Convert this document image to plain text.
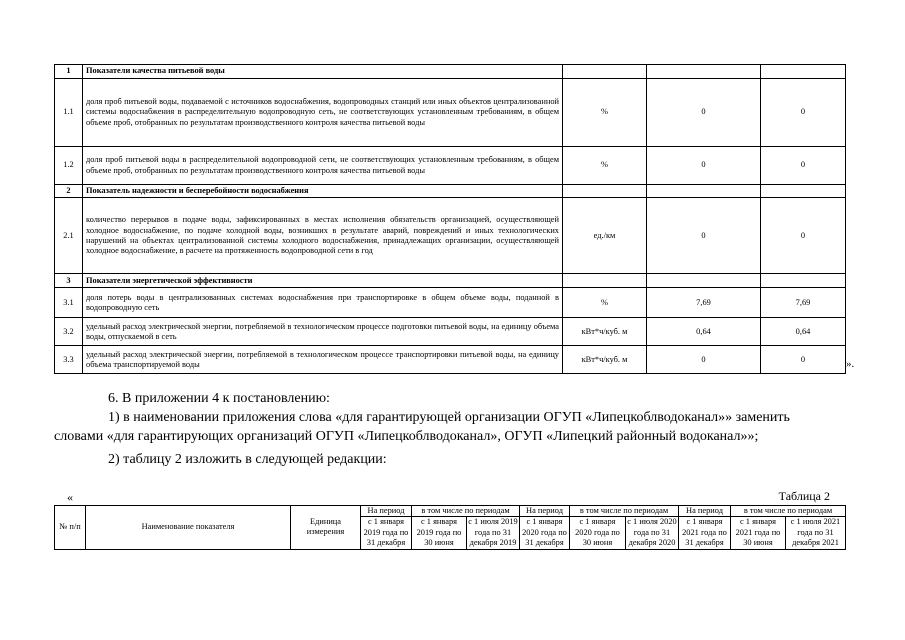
1	Показатели качества питьевой воды			
1.1	доля проб питьевой воды, подаваемой с источников водоснабжения, водопроводных станций или иных объектов централизованной системы водоснабжения в распределительную водопроводную сеть, не соответствующих установленным требованиям, в общем объеме проб, отобранных по результатам производственного контроля качества питьевой воды	%	0	0
1.2	доля проб питьевой воды в распределительной водопроводной сети, не соответствующих установленным требованиям, в общем объеме проб, отобранных по результатам производственного контроля качества питьевой воды	%	0	0
2	Показатель надежности и бесперебойности водоснабжения			
2.1	количество перерывов в подаче воды, зафиксированных в местах исполнения обязательств организацией, осуществляющей холодное водоснабжение, по подаче холодной воды, возникших в результате аварий, повреждений и иных технологических нарушений на объектах централизованной системы холодного водоснабжения, принадлежащих организации, осуществляющей холодное водоснабжение, в расчете на протяженность водопроводной сети в год	ед./км	0	0
3	Показатели энергетической эффективности			
3.1	доля потерь воды в централизованных системах водоснабжения при транспортировке в общем объеме воды, поданной в водопроводную сеть	%	7,69	7,69
3.2	удельный расход электрической энергии, потребляемой в технологическом процессе подготовки питьевой воды, на единицу объема воды, отпускаемой в сеть	кВт*ч/куб. м	0,64	0,64
3.3	удельный расход электрической энергии, потребляемой в технологическом процессе транспортировки питьевой воды, на единицу объема транспортируемой воды	кВт*ч/куб. м	0	0	».

6. В приложении 4 к постановлению:

1) в наименовании приложения слова «для гарантирующей организации ОГУП «Липецкоблводоканал»» заменить

словами «для гарантирующих организаций ОГУП «Липецкоблводоканал», ОГУП «Липецкий районный водоканал»»;

2) таблицу 2 изложить в следующей редакции:

«	Таблица 2
№ п/п	Наименование показателя	Единица измерения	На период	в том числе по периодам		На период	в том числе по периодам		На период	в том числе по периодам	
			с 1 января 2019 года по 31 декабря	с 1 января 2019 года по 30 июня	с 1 июля 2019 года по 31 декабря 2019	с 1 января 2020 года по 31 декабря	с 1 января 2020 года по 30 июня	с 1 июля 2020 года по 31 декабря 2020	с 1 января 2021 года по 31 декабря	с 1 января 2021 года по 30 июня	с 1 июля 2021 года по 31 декабря 2021
